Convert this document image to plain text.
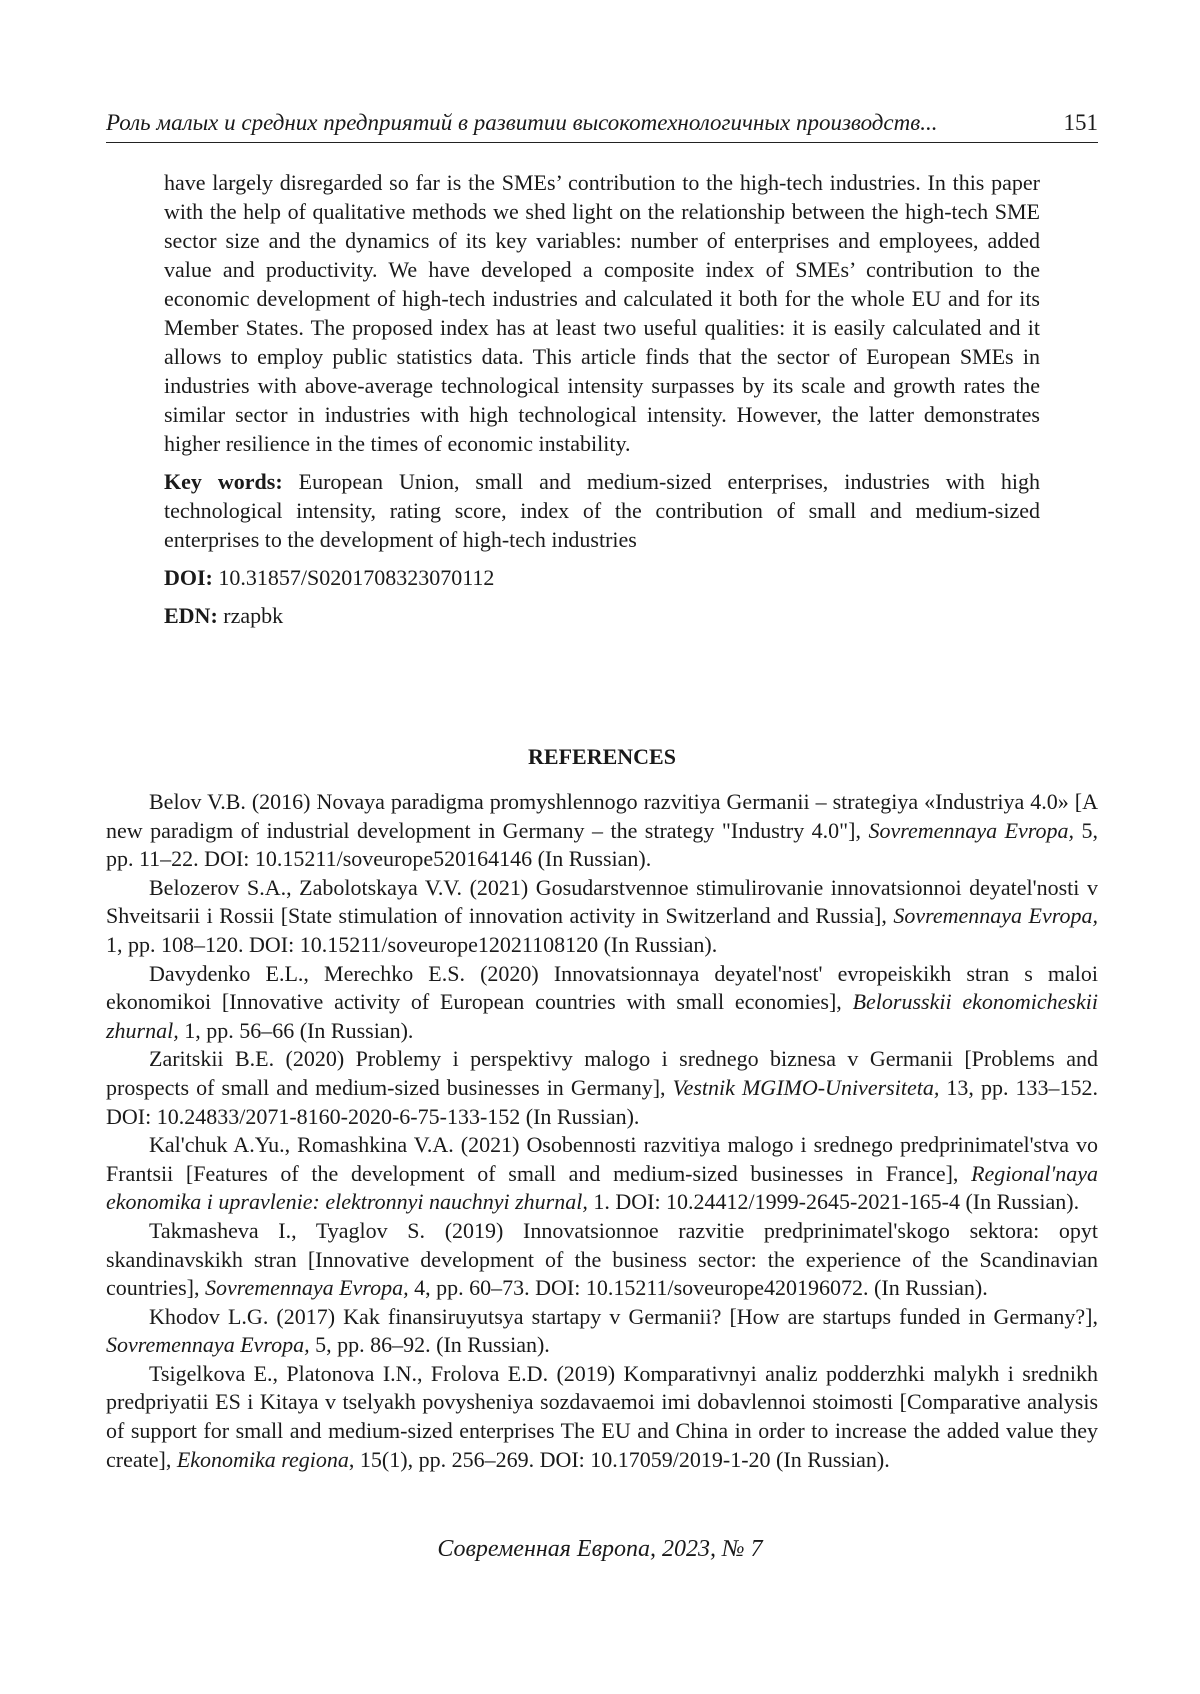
Роль малых и средних предприятий в развитии высокотехнологичных производств...	151

have largely disregarded so far is the SMEs’ contribution to the high-tech industries. In this paper with the help of qualitative methods we shed light on the relationship between the high-tech SME sector size and the dynamics of its key variables: number of enterprises and employees, added value and productivity. We have developed a composite index of SMEs’ contribution to the economic development of high-tech industries and calculated it both for the whole EU and for its Member States. The proposed index has at least two useful qualities: it is easily calculated and it allows to employ public statistics data. This article finds that the sector of European SMEs in industries with above-average technological intensity surpasses by its scale and growth rates the similar sector in industries with high technological intensity. However, the latter demonstrates higher resilience in the times of economic instability.

Key words: European Union, small and medium-sized enterprises, industries with high technological intensity, rating score, index of the contribution of small and medium-sized enterprises to the development of high-tech industries

DOI: 10.31857/S0201708323070112

EDN: rzapbk

REFERENCES

Belov V.B. (2016) Novaya paradigma promyshlennogo razvitiya Germanii – strategiya «Industriya 4.0» [A new paradigm of industrial development in Germany – the strategy "Industry 4.0"], Sovremennaya Evropa, 5, pp. 11–22. DOI: 10.15211/soveurope520164146 (In Russian).

Belozerov S.A., Zabolotskaya V.V. (2021) Gosudarstvennoe stimulirovanie innovatsionnoi deyatel'nosti v Shveitsarii i Rossii [State stimulation of innovation activity in Switzerland and Russia], Sovremennaya Evropa, 1, pp. 108–120. DOI: 10.15211/soveurope12021108120 (In Russian).

Davydenko E.L., Merechko E.S. (2020) Innovatsionnaya deyatel'nost' evropeiskikh stran s maloi ekonomikoi [Innovative activity of European countries with small economies], Belorusskii ekonomicheskii zhurnal, 1, pp. 56–66 (In Russian).

Zaritskii B.E. (2020) Problemy i perspektivy malogo i srednego biznesa v Germanii [Problems and prospects of small and medium-sized businesses in Germany], Vestnik MGIMO-Universiteta, 13, pp. 133–152. DOI: 10.24833/2071-8160-2020-6-75-133-152 (In Russian).

Kal'chuk A.Yu., Romashkina V.A. (2021) Osobennosti razvitiya malogo i srednego predprinimatel'stva vo Frantsii [Features of the development of small and medium-sized businesses in France], Regional'naya ekonomika i upravlenie: elektronnyi nauchnyi zhurnal, 1. DOI: 10.24412/1999-2645-2021-165-4 (In Russian).

Takmasheva I., Tyaglov S. (2019) Innovatsionnoe razvitie predprinimatel'skogo sektora: opyt skandinavskikh stran [Innovative development of the business sector: the experience of the Scandinavian countries], Sovremennaya Evropa, 4, pp. 60–73. DOI: 10.15211/soveurope420196072. (In Russian).

Khodov L.G. (2017) Kak finansiruyutsya startapy v Germanii? [How are startups funded in Germany?], Sovremennaya Evropa, 5, pp. 86–92. (In Russian).

Tsigelkova E., Platonova I.N., Frolova E.D. (2019) Komparativnyi analiz podderzhki malykh i srednikh predpriyatii ES i Kitaya v tselyakh povysheniya sozdavaemoi imi dobavlennoi stoimosti [Comparative analysis of support for small and medium-sized enterprises The EU and China in order to increase the added value they create], Ekonomika regiona, 15(1), pp. 256–269. DOI: 10.17059/2019-1-20 (In Russian).

Современная Европа, 2023, № 7
